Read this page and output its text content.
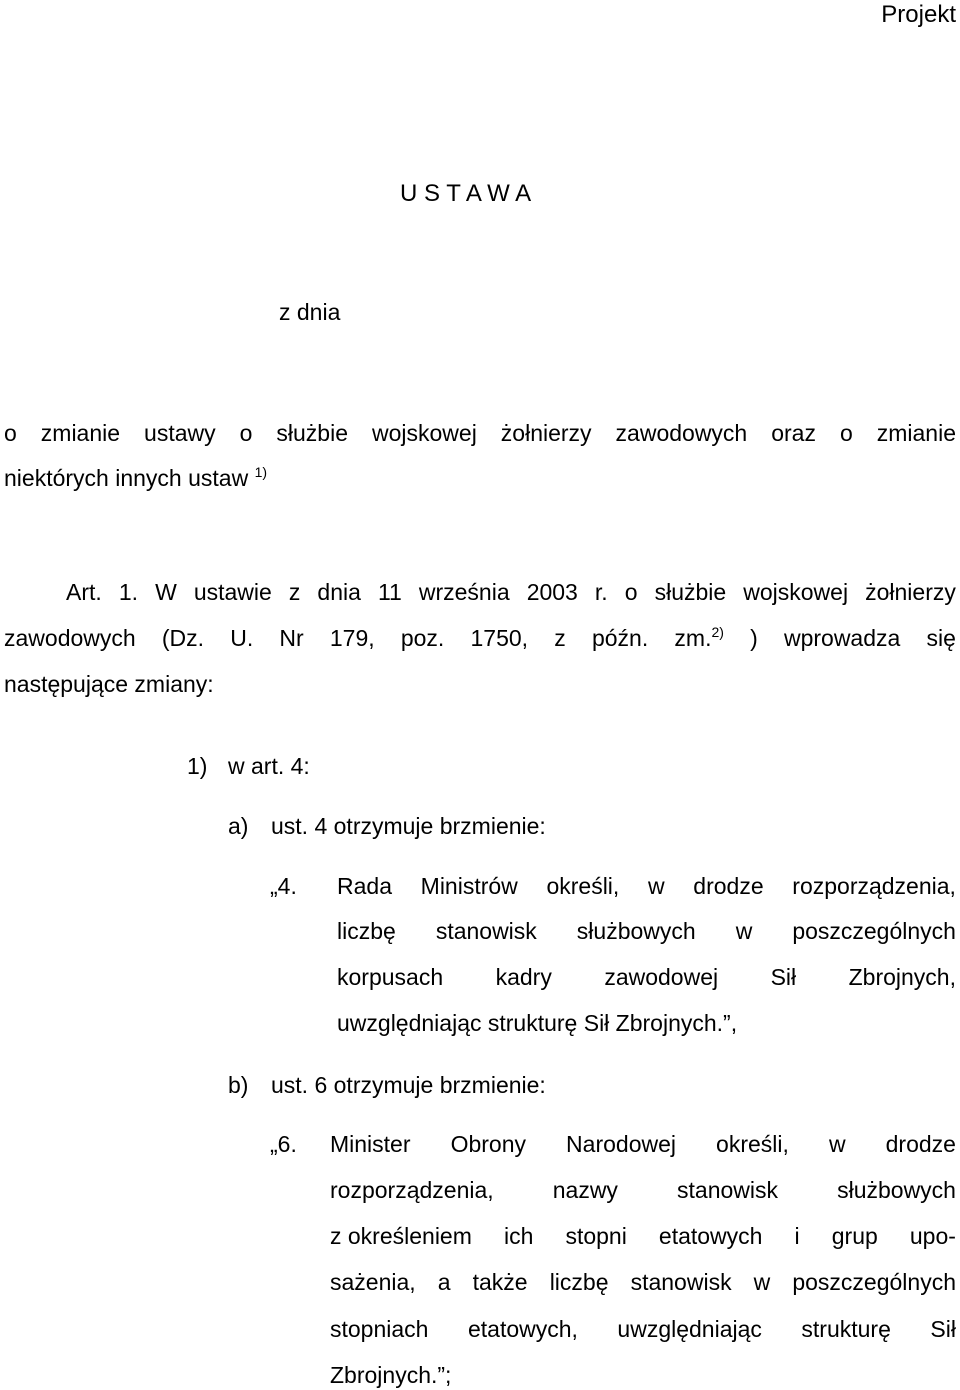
Projekt
U S T A W A
z dnia
o zmianie ustawy o służbie wojskowej żołnierzy zawodowych oraz o zmianie
niektórych innych ustaw $^{1)}$
Art. 1. W ustawie z dnia 11 września 2003 r. o służbie wojskowej żołnierzy
zawodowych (Dz. U. Nr 179, poz. 1750, z późn. zm.$^{2)}$ ) wprowadza się
następujące zmiany:
1) w art. 4:
a) ust. 4 otrzymuje brzmienie:
„4. Rada Ministrów określi, w drodze rozporządzenia,
liczbę stanowisk służbowych w poszczególnych
korpusach kadry zawodowej Sił Zbrojnych,
uwzględniając strukturę Sił Zbrojnych.”,
b) ust. 6 otrzymuje brzmienie:
„6. Minister Obrony Narodowej określi, w drodze
rozporządzenia,	nazwy	stanowisk	służbowych
z określeniem ich stopni etatowych i grup upo-
sażenia, a także liczbę stanowisk w poszczególnych
stopniach etatowych, uwzględniając strukturę Sił
Zbrojnych.”;
